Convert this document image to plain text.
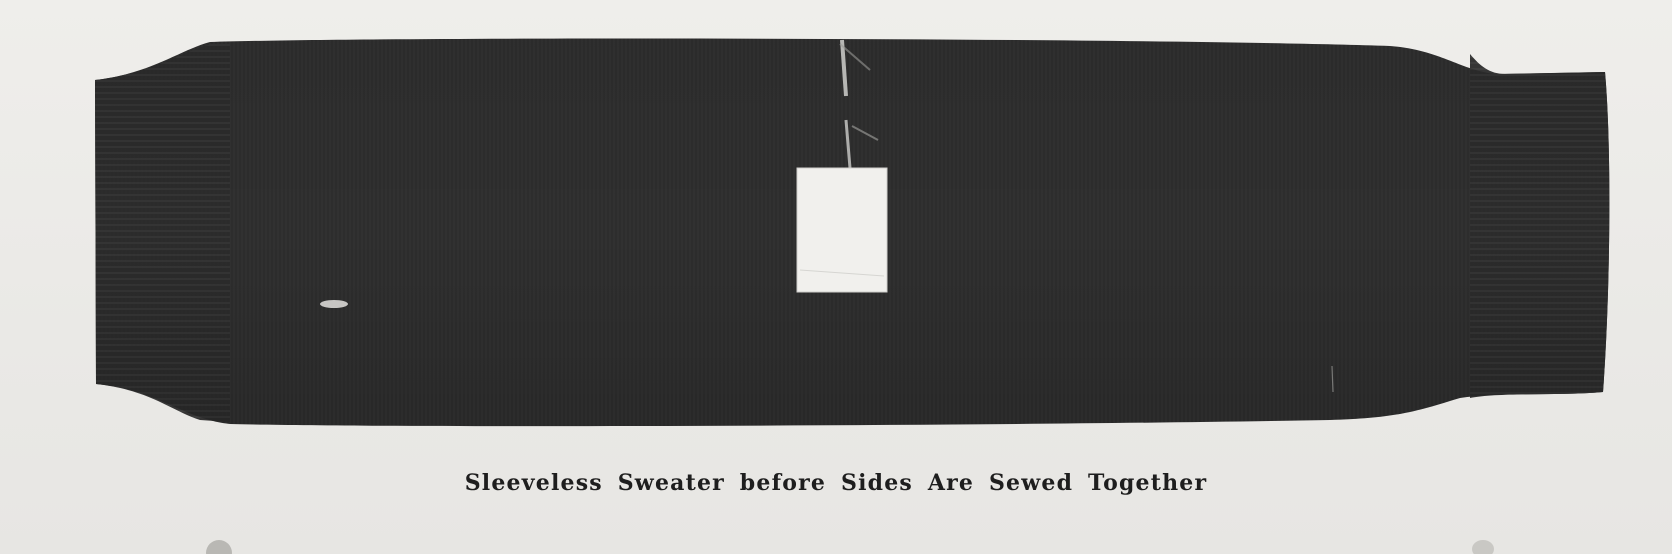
Sleeveless Sweater before Sides Are Sewed Together
